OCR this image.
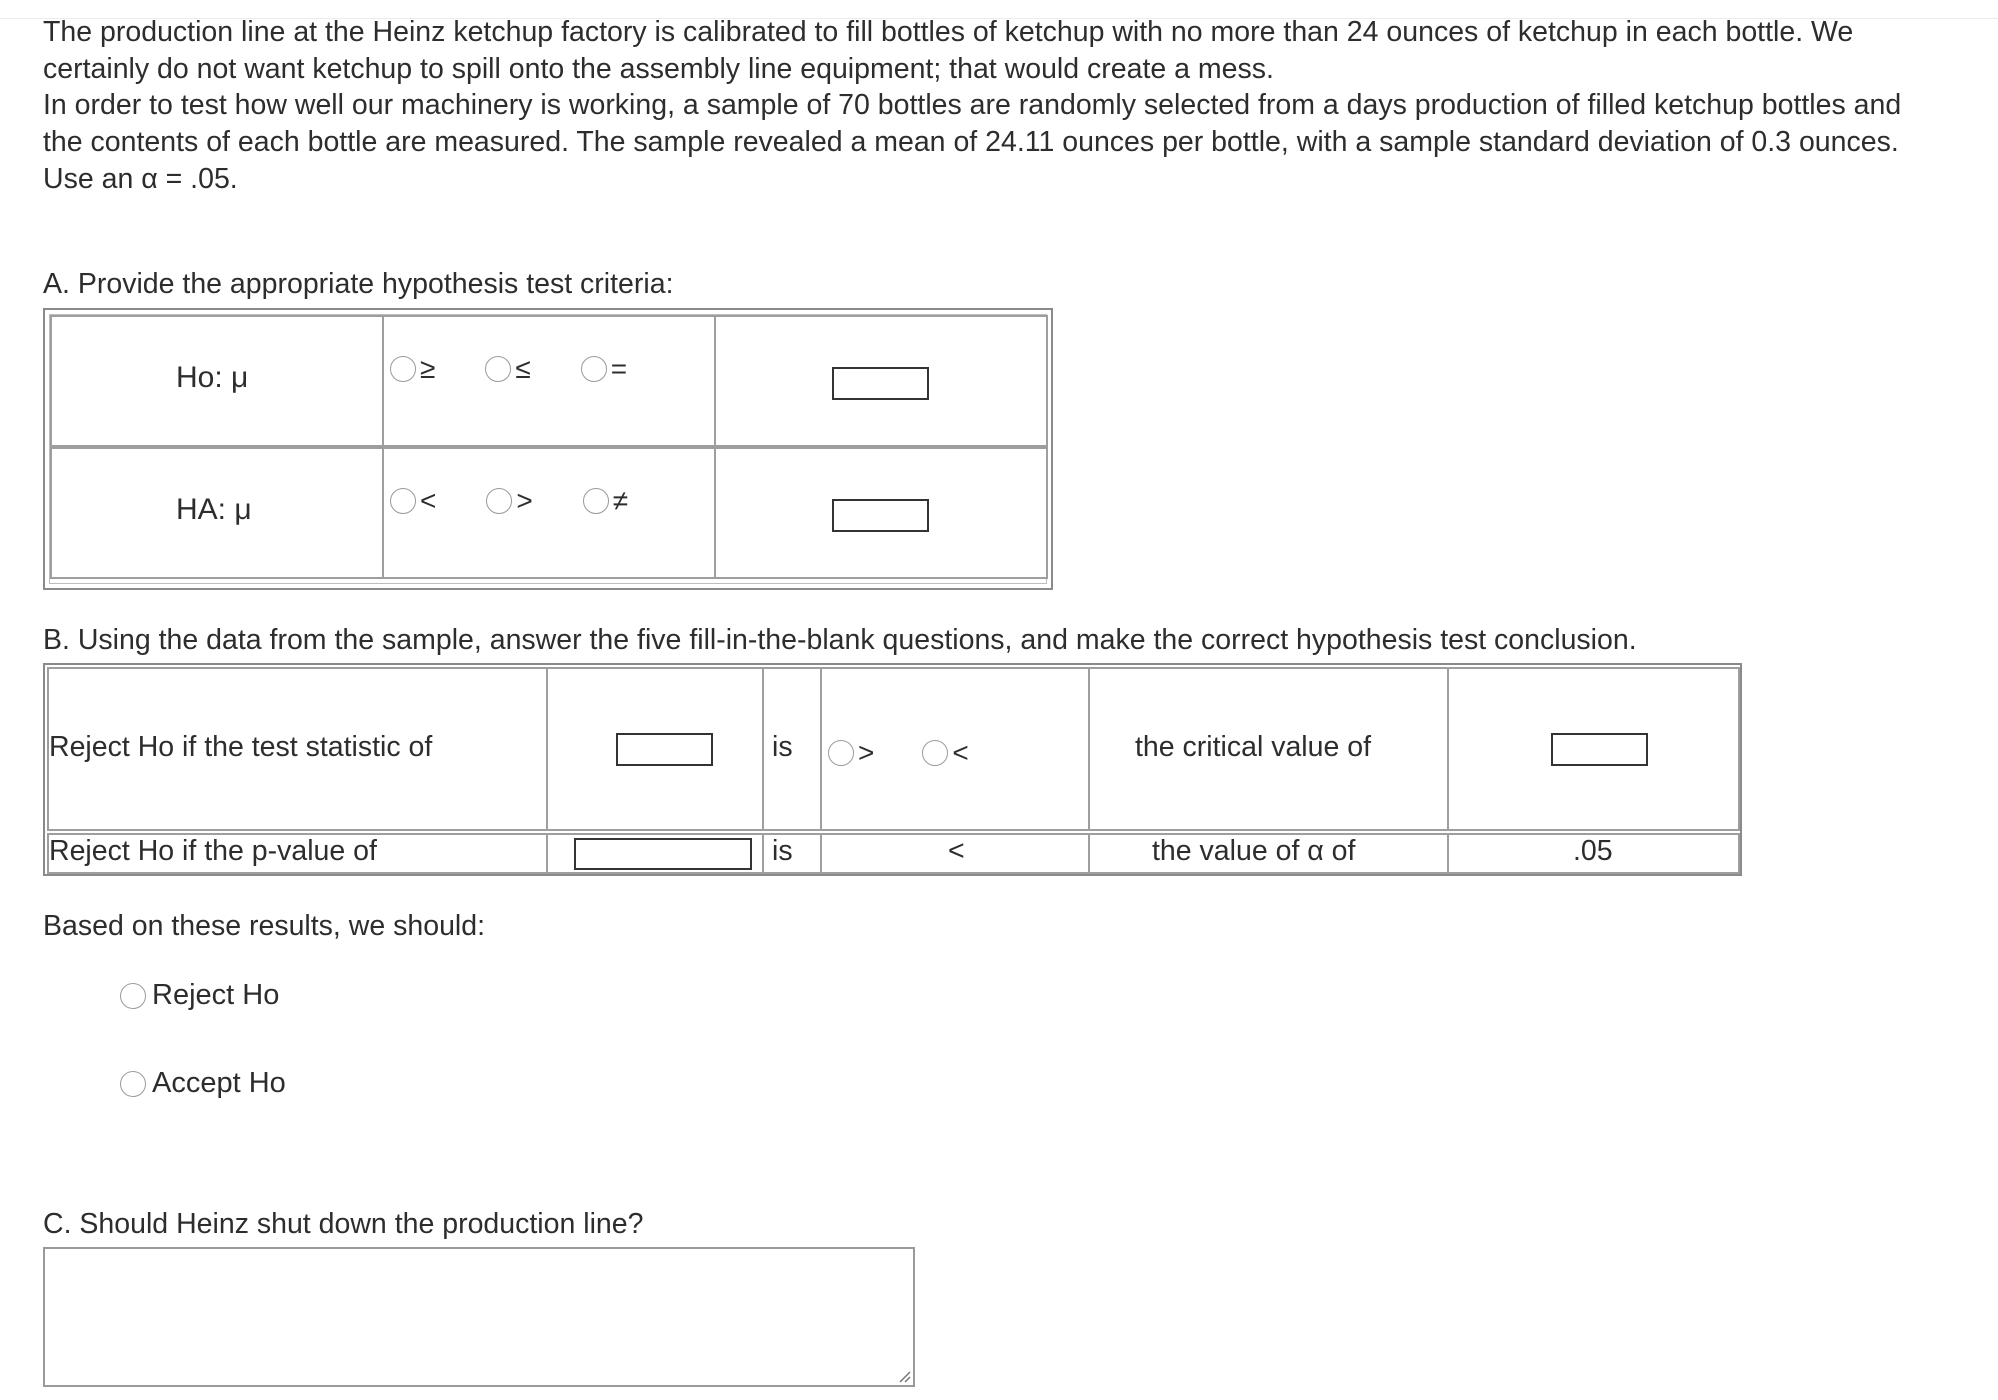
The production line at the Heinz ketchup factory is calibrated to fill bottles of ketchup with no more than 24 ounces of ketchup in each bottle. We certainly do not want ketchup to spill onto the assembly line equipment; that would create a mess.

In order to test how well our machinery is working, a sample of 70 bottles are randomly selected from a days production of filled ketchup bottles and the contents of each bottle are measured. The sample revealed a mean of 24.11 ounces per bottle, with a sample standard deviation of 0.3 ounces.

Use an α = .05.

A. Provide the appropriate hypothesis test criteria:
Ho: μ	≥	≤	=
HA: μ	<	>	≠
B. Using the data from the sample, answer the five fill-in-the-blank questions, and make the correct hypothesis test conclusion.
Reject Ho if the test statistic of	is >	<	the critical value of
Reject Ho if the p-value of	is	<	the value of α of	.05
Based on these results, we should:
Reject Ho
Accept Ho
C. Should Heinz shut down the production line?
